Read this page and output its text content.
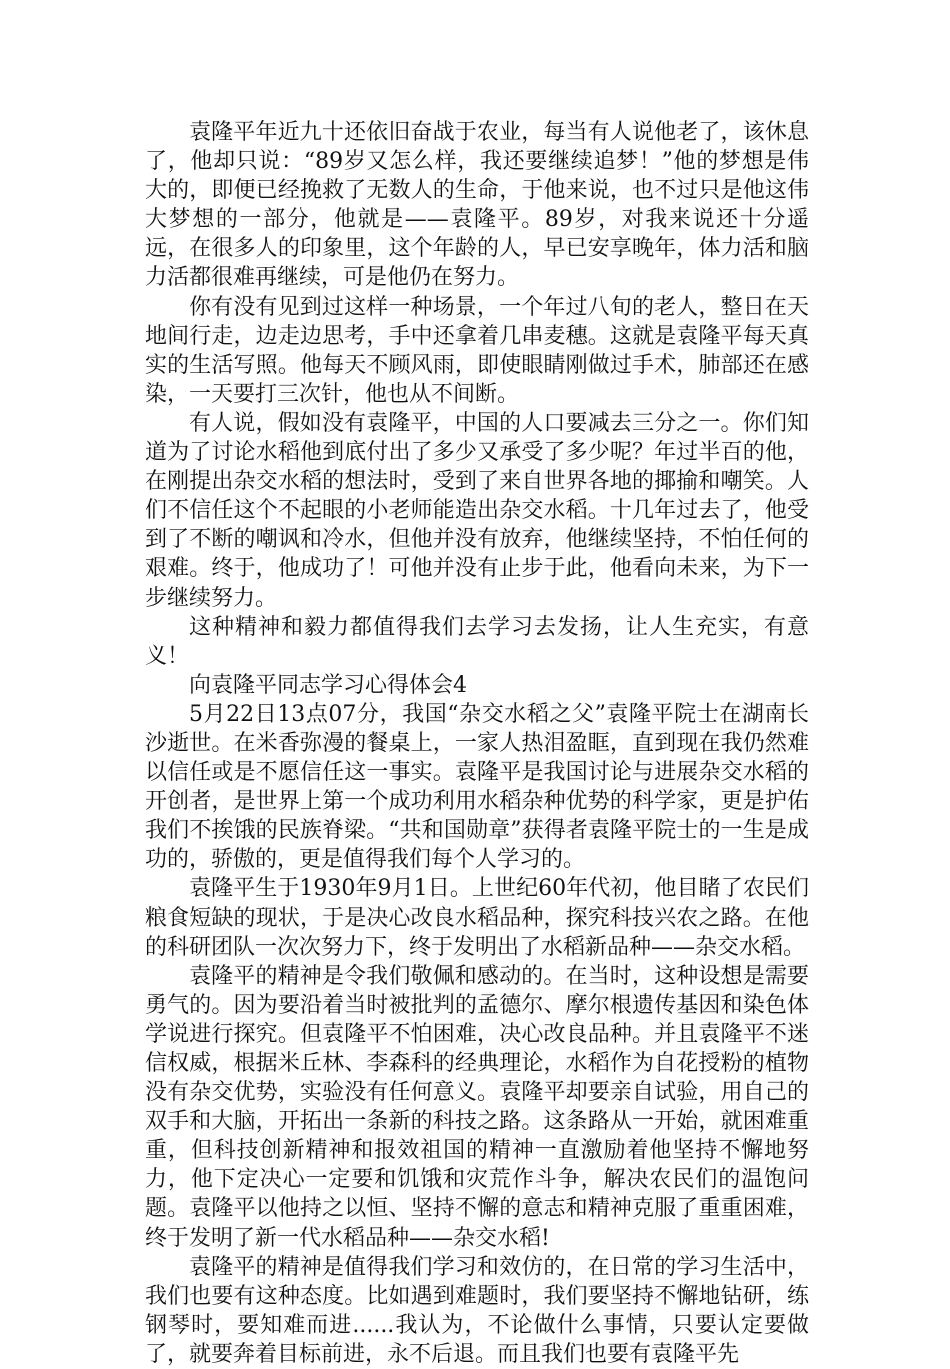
袁隆平年近九十还依旧奋战于农业，每当有人说他老了，该休息了，他却只说：“89岁又怎么样，我还要继续追梦！”他的梦想是伟大的，即便已经挽救了无数人的生命，于他来说，也不过只是他这伟大梦想的一部分，他就是——袁隆平。89岁，对我来说还十分遥远，在很多人的印象里，这个年龄的人，早已安享晚年，体力活和脑力活都很难再继续，可是他仍在努力。

你有没有见到过这样一种场景，一个年过八旬的老人，整日在天地间行走，边走边思考，手中还拿着几串麦穗。这就是袁隆平每天真实的生活写照。他每天不顾风雨，即使眼睛刚做过手术，肺部还在感染，一天要打三次针，他也从不间断。

有人说，假如没有袁隆平，中国的人口要减去三分之一。你们知道为了讨论水稻他到底付出了多少又承受了多少呢？年过半百的他，在刚提出杂交水稻的想法时，受到了来自世界各地的揶揄和嘲笑。人们不信任这个不起眼的小老师能造出杂交水稻。十几年过去了，他受到了不断的嘲讽和冷水，但他并没有放弃，他继续坚持，不怕任何的艰难。终于，他成功了！可他并没有止步于此，他看向未来，为下一步继续努力。

这种精神和毅力都值得我们去学习去发扬，让人生充实，有意义！

向袁隆平同志学习心得体会4

5月22日13点07分，我国“杂交水稻之父”袁隆平院士在湖南长沙逝世。在米香弥漫的餐桌上，一家人热泪盈眶，直到现在我仍然难以信任或是不愿信任这一事实。袁隆平是我国讨论与进展杂交水稻的开创者，是世界上第一个成功利用水稻杂种优势的科学家，更是护佑我们不挨饿的民族脊梁。“共和国勋章”获得者袁隆平院士的一生是成功的，骄傲的，更是值得我们每个人学习的。

袁隆平生于1930年9月1日。上世纪60年代初，他目睹了农民们粮食短缺的现状，于是决心改良水稻品种，探究科技兴农之路。在他的科研团队一次次努力下，终于发明出了水稻新品种——杂交水稻。

袁隆平的精神是令我们敬佩和感动的。在当时，这种设想是需要勇气的。因为要沿着当时被批判的孟德尔、摩尔根遗传基因和染色体学说进行探究。但袁隆平不怕困难，决心改良品种。并且袁隆平不迷信权威，根据米丘林、李森科的经典理论，水稻作为自花授粉的植物没有杂交优势，实验没有任何意义。袁隆平却要亲自试验，用自己的双手和大脑，开拓出一条新的科技之路。这条路从一开始，就困难重重，但科技创新精神和报效祖国的精神一直激励着他坚持不懈地努力，他下定决心一定要和饥饿和灾荒作斗争，解决农民们的温饱问题。袁隆平以他持之以恒、坚持不懈的意志和精神克服了重重困难，终于发明了新一代水稻品种——杂交水稻!

袁隆平的精神是值得我们学习和效仿的，在日常的学习生活中，我们也要有这种态度。比如遇到难题时，我们要坚持不懈地钻研，练钢琴时，要知难而进......我认为，不论做什么事情，只要认定要做了，就要奔着目标前进，永不后退。而且我们也要有袁隆平先
